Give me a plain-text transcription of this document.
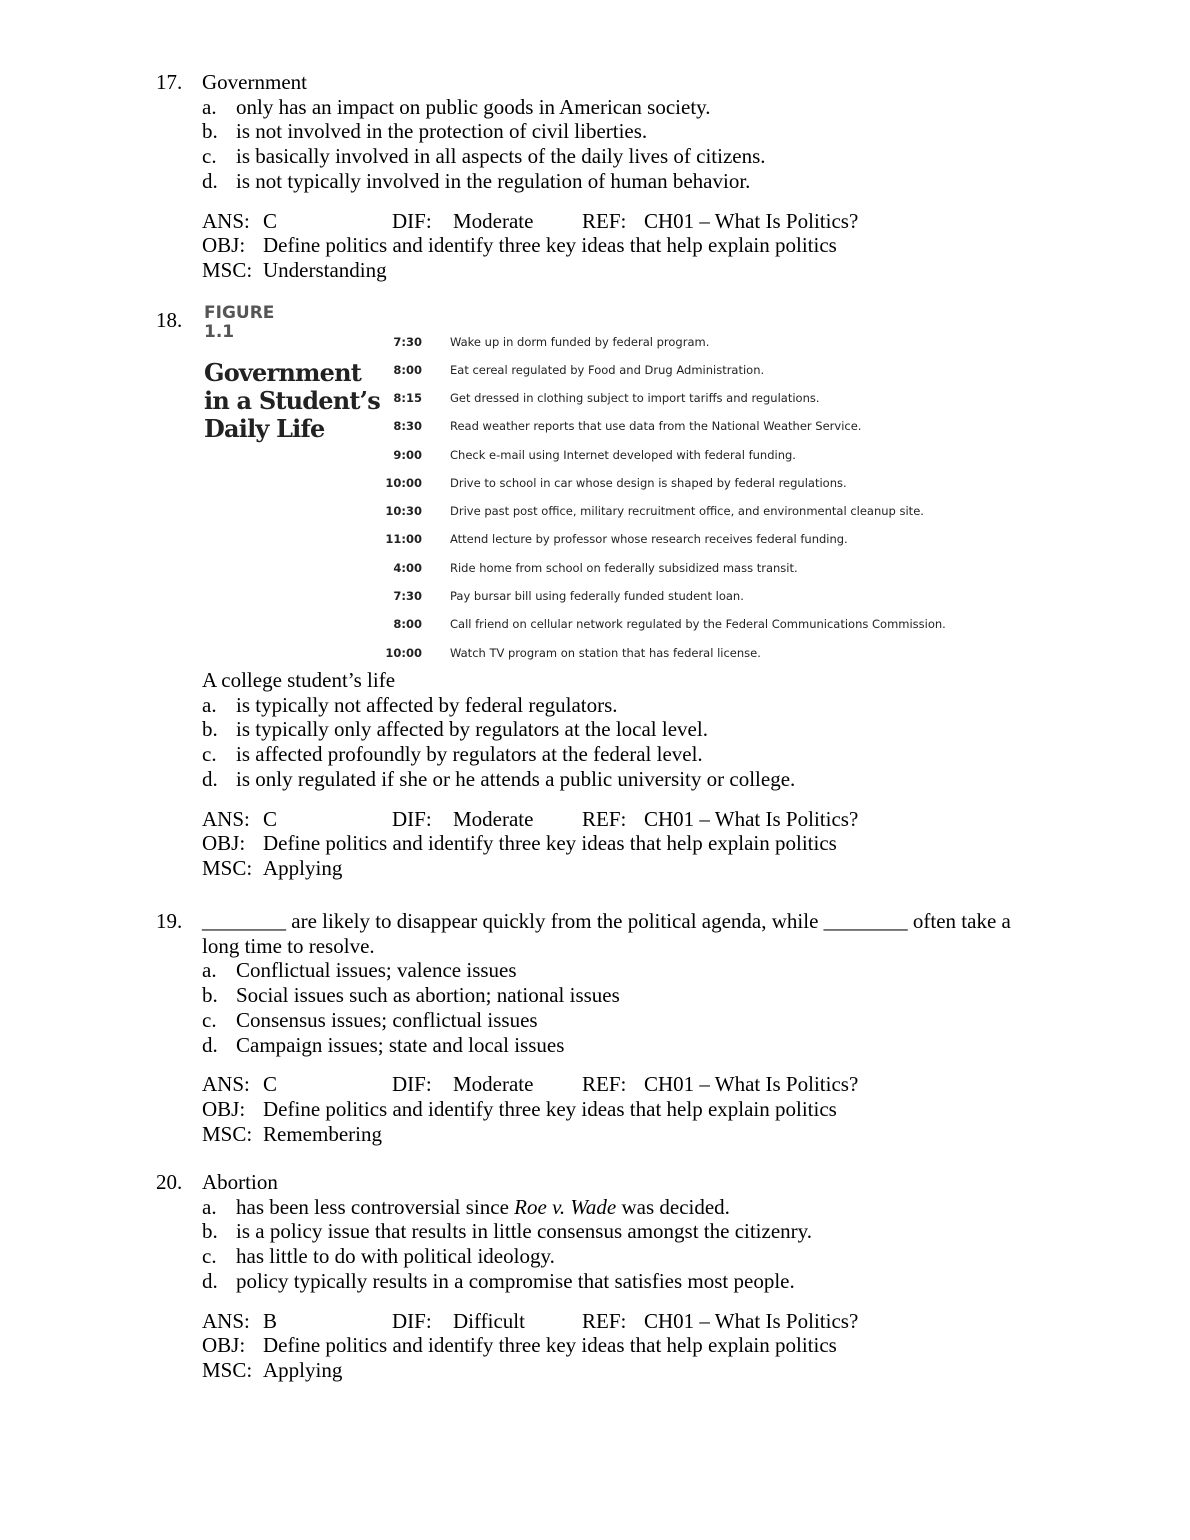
17. Government
a. only has an impact on public goods in American society.
b. is not involved in the protection of civil liberties.
c. is basically involved in all aspects of the daily lives of citizens.
d. is not typically involved in the regulation of human behavior.
ANS: C	DIF: Moderate REF: CH01 – What Is Politics?
OBJ: Define politics and identify three key ideas that help explain politics
MSC: Understanding
18. FIGURE
1.1
Government
in a Student’s
Daily Life
7:30 Wake up in dorm funded by federal program.
8:00 Eat cereal regulated by Food and Drug Administration.
8:15 Get dressed in clothing subject to import tariffs and regulations.
8:30 Read weather reports that use data from the National Weather Service.
9:00 Check e-mail using Internet developed with federal funding.
10:00 Drive to school in car whose design is shaped by federal regulations.
10:30 Drive past post office, military recruitment office, and environmental cleanup site.
11:00 Attend lecture by professor whose research receives federal funding.
4:00 Ride home from school on federally subsidized mass transit.
7:30 Pay bursar bill using federally funded student loan.
8:00 Call friend on cellular network regulated by the Federal Communications Commission.
10:00 Watch TV program on station that has federal license.
A college student’s life
a. is typically not affected by federal regulators.
b. is typically only affected by regulators at the local level.
c. is affected profoundly by regulators at the federal level.
d. is only regulated if she or he attends a public university or college.
ANS: C	DIF: Moderate REF: CH01 – What Is Politics?
OBJ: Define politics and identify three key ideas that help explain politics
MSC: Applying
19. ________ are likely to disappear quickly from the political agenda, while ________ often take a long time to resolve.
a. Conflictual issues; valence issues
b. Social issues such as abortion; national issues
c. Consensus issues; conflictual issues
d. Campaign issues; state and local issues
ANS: C	DIF: Moderate REF: CH01 – What Is Politics?
OBJ: Define politics and identify three key ideas that help explain politics
MSC: Remembering
20. Abortion
a. has been less controversial since Roe v. Wade was decided.
b. is a policy issue that results in little consensus amongst the citizenry.
c. has little to do with political ideology.
d. policy typically results in a compromise that satisfies most people.
ANS: B	DIF: Difficult	REF: CH01 – What Is Politics?
OBJ: Define politics and identify three key ideas that help explain politics
MSC: Applying
